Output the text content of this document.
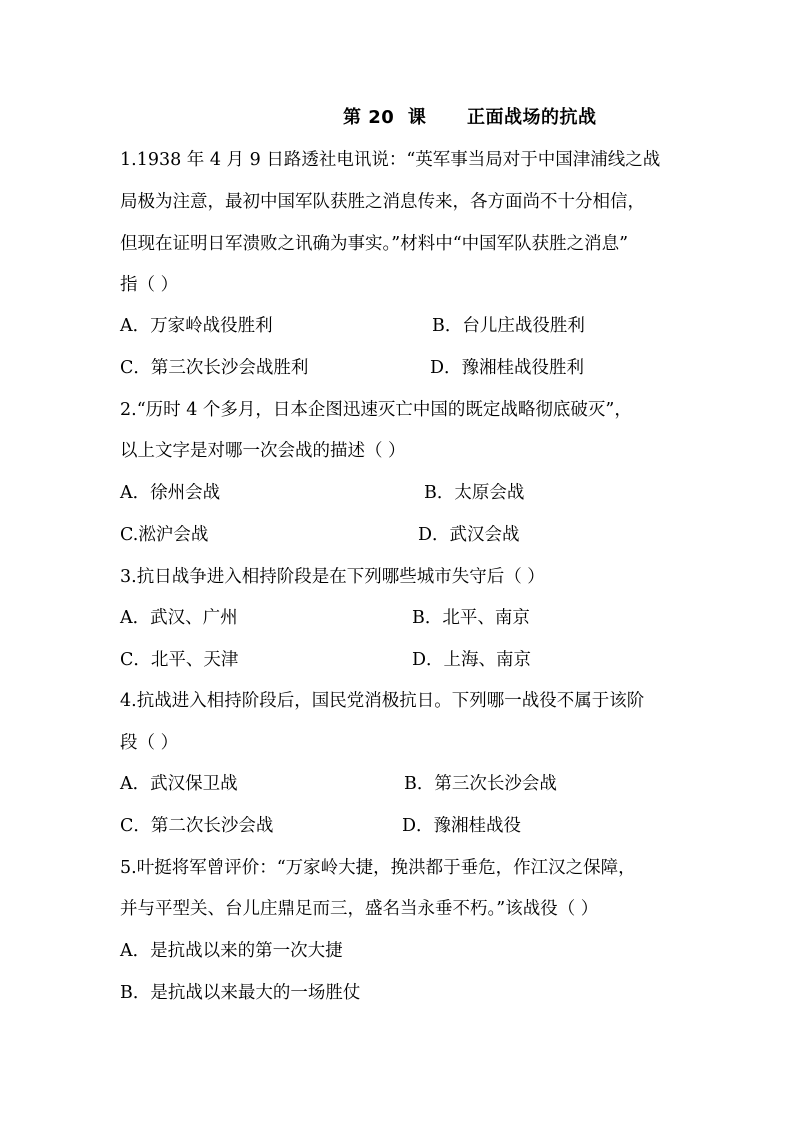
第 20  课      正面战场的抗战
1.1938 年 4 月 9 日路透社电讯说：“英军事当局对于中国津浦线之战
局极为注意，最初中国军队获胜之消息传来，各方面尚不十分相信，
但现在证明日军溃败之讯确为事实。”材料中“中国军队获胜之消息”
指（ ）
A．万家岭战役胜利	B．台儿庄战役胜利
C．第三次长沙会战胜利	D．豫湘桂战役胜利
2.“历时 4 个多月，日本企图迅速灭亡中国的既定战略彻底破灭”，
以上文字是对哪一次会战的描述（ ）
A．徐州会战	B．太原会战
C.淞沪会战	D．武汉会战
3.抗日战争进入相持阶段是在下列哪些城市失守后（ ）
A．武汉、广州	B．北平、南京
C．北平、天津	D．上海、南京
4.抗战进入相持阶段后，国民党消极抗日。下列哪一战役不属于该阶
段（ ）
A．武汉保卫战	B．第三次长沙会战
C．第二次长沙会战	D．豫湘桂战役
5.叶挺将军曾评价：“万家岭大捷，挽洪都于垂危，作江汉之保障，
并与平型关、台儿庄鼎足而三，盛名当永垂不朽。”该战役（ ）
A．是抗战以来的第一次大捷
B．是抗战以来最大的一场胜仗
